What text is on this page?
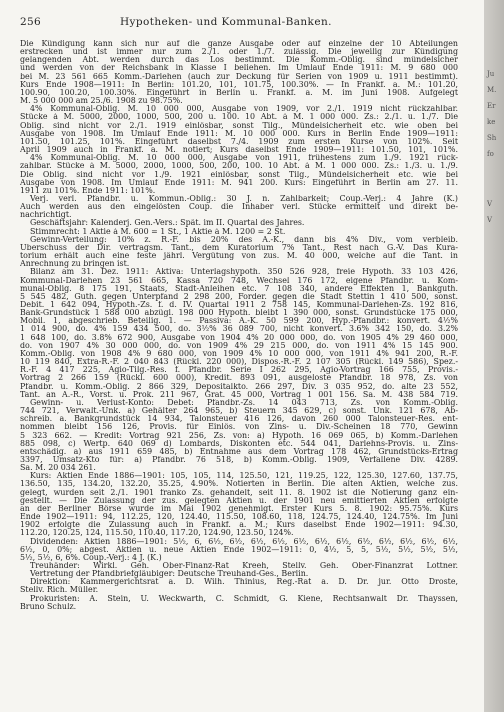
256	Hypotheken- und Kommunal-Banken.
Die Kündigung kann sich nur auf die ganze Ausgabe oder auf einzelne der 10 Abteilungen
erstrecken und ist immer nur zum 2./1. oder 1./7. zulässig. Die jeweilig zur Kündigung
gelangenden Abt. werden durch das Los bestimmt. Die Komm.-Oblig. sind mündelsicher
und werden von der Reichsbank in Klasse I beliehen. Im Umlauf Ende 1911: M. 9 680 000
bei M. 23 561 665 Komm.-Darlehen (auch zur Deckung für Serien von 1909 u. 1911 bestimmt).
Kurs Ende 1908—1911: In Berlin: 101.20, 101, 101.75, 100.30%. — In Frankf. a. M.: 101.20,
100.90, 100.20, 100.30%. Eingeführt in Berlin u. Frankf. a. M. im Juni 1908. Aufgelegt
M. 5 000 000 am 25./6. 1908 zu 98.75%.
4% Kommunal-Oblig. M. 10 000 000, Ausgabe von 1909, vor 2./1. 1919 nicht rückzahlbar.
Stücke à M. 5000, 2000, 1000, 500, 200 u. 100. 10 Abt. à M. 1 000 000. Zs.: 2./1. u. 1./7. Die
Oblig. sind nicht vor 2./1. 1919 einlösbar, sonst Tilg., Mündelsicherheit etc. wie oben bei
Ausgabe von 1908. Im Umlauf Ende 1911: M. 10 000 000. Kurs in Berlin Ende 1909—1911:
101.50, 101.25, 101%. Eingeführt daselbst 7./4. 1909 zum ersten Kurse von 102%. Seit
April 1909 auch in Frankf. a. M. notiert; Kurs daselbst Ende 1909—1911: 101.50, 101, 101%.
4% Kommunal-Oblig. M. 10 000 000, Ausgabe von 1911, frühestens zum 1./9. 1921 rück-
zahlbar. Stücke à M. 5000, 2000, 1000, 500, 200, 100. 10 Abt. à M. 1 000 000. Zs.: 1./3. u. 1./9.
Die Oblig. sind nicht vor 1./9. 1921 einlösbar, sonst Tilg., Mündelsicherheit etc. wie bei
Ausgabe von 1908. Im Umlauf Ende 1911: M. 941 200. Kurs: Eingeführt in Berlin am 27. 11.
1911 zu 101%. Ende 1911: 101%.
Verj. verl. Pfandbr. u. Kommun.-Oblig.: 30 J. n. Zahlbarkeit; Coup.-Verj.: 4 Jahre (K.)
Auch werden aus den eingelösten Coup. die Inhaber verl. Stücke ermittelt und direkt be-
nachrichtigt.
Geschäftsjahr: Kalenderj. Gen.-Vers.: Spät. im II. Quartal des Jahres.
Stimmrecht: 1 Aktie à M. 600 = 1 St., 1 Aktie à M. 1200 = 2 St.
Gewinn-Verteilung: 10% z. R.-F. bis 20% des A.-K., dann bis 4% Div., vom verbleib.
Überschuss der Dir. vertragsm. Tant., dem Kuratorium 7% Tant., Rest nach G.-V. Das Kura-
torium erhält auch eine feste jährl. Vergütung von zus. M. 40 000, welche auf die Tant. in
Anrechnung zu bringen ist.
Bilanz am 31. Dez. 1911: Aktiva: Unterlagshypoth. 350 526 928, freie Hypoth. 33 103 426,
Kommunal-Darlehen 23 561 665, Kassa 720 748, Wechsel 176 172, eigene Pfandbr. u. Kom-
munal-Oblig. 8 175 191, Staats, Stadt-Anleihen etc. 7 108 340, andere Effekten 1, Bankguth.
5 545 482, Guth. gegen Unterpfand 2 298 200, Forder. gegen die Stadt Stettin 1 410 500, sonst.
Debit. 1 642 094, Hypoth.-Zs. f. d. IV. Quartal 1911 2 758 145, Kommunal-Darlehen-Zs. 192 816,
Bank-Grundstück 1 588 000 abzügl. 198 000 Hypoth. bleibt 1 390 000, sonst. Grundstücke 175 000,
Mobil. 1, abgeschrieb. Beteilig. 1. — Passiva: A.-K. 50 599 200, Hyp.-Pfandbr.: konvert. 4½%
1 014 900, do. 4% 159 434 500, do. 3½% 36 089 700, nicht konvert. 3.6% 342 150, do. 3.2%
1 648 100, do. 3.8% 672 900, Ausgabe von 1904 4% 20 000 000, do. von 1905 4% 29 460 000,
do. von 1907 4% 30 000 000, do. von 1909 4% 29 215 000, do. von 1911 4% 15 145 900.
Komm.-Oblig. von 1908 4% 9 680 000, von 1909 4% 10 000 000, von 1911 4% 941 200, R.-F.
10 119 840, Extra-R.-F. 2 040 843 (Rückl. 220 000), Dispos.-R.-F. 2 107 305 (Rückl. 149 586), Spez.-
R.-F. 4 417 225, Agio-Tilg.-Res. f. Pfandbr. Serie I 262 295, Agio-Vortrag 166 755, Provis.-
Vortrag 2 266 159 (Rückl. 600 000), Kredit. 893 091, ausgeloste Pfandbr. 18 978, Zs. von
Pfandbr. u. Komm.-Oblig. 2 866 329, Depositalkto. 266 297, Div. 3 035 952, do. alte 23 552,
Tant. an A.-R., Vorst. u. Prok. 211 967, Grat. 45 000, Vortrag 1 001 156. Sa. M. 438 584 719.
Gewinn- u. Verlust-Konto: Debet: Pfandbr.-Zs. 14 043 713, Zs. von Komm.-Oblig.
744 721, Verwalt.-Unk. a) Gehälter 264 965, b) Steuern 345 629, c) sonst. Unk. 121 678, Ab-
schreib. a. Bankgrundstück 14 934, Talonsteuer 416 126, davon 260 000 Talonsteuer-Res. ent-
nommen bleibt 156 126, Provis. für Einlös. von Zins- u. Div.-Scheinen 18 770, Gewinn
5 323 662. — Kredit: Vortrag 921 256, Zs. von: a) Hypoth. 16 069 065, b) Komm.-Darlehen
885 098, c) Wertp. 640 069 d) Lombards, Diskonten etc. 544 041, Darlehns-Provis. u. Zins-
entschädig. a) aus 1911 659 485, b) Entnahme aus dem Vortrag 178 462, Grundstücks-Ertrag
3397, Umsatz-Kto für: a) Pfandbr. 76 518, b) Komm.-Oblig. 1909, Verfallene Div. 4289.
Sa. M. 20 034 261.
Kurs: Aktien Ende 1886—1901: 105, 105, 114, 125.50, 121, 119.25, 122, 125.30, 127.60, 137.75,
136.50, 135, 134.20, 132.20, 35.25, 4.90%. Notierten in Berlin. Die alten Aktien, welche zus.
gelegt, wurden seit 2./1. 1901 franko Zs. gehandelt, seit 11. 8. 1902 ist die Notierung ganz ein-
gestellt. — Die Zulassung der zus. gelegten Aktien u. der 1901 neu emittierten Aktien erfolgte
an der Berliner Börse wurde im Mai 1902 genehmigt. Erster Kurs 5. 8. 1902: 95.75%. Kurs
Ende 1902—1911: 94, 112.25, 120, 124.40, 115.50, 108.60, 118, 124.75, 124.40, 124.75%. Im Juni
1902 erfolgte die Zulassung auch in Frankf. a. M.; Kurs daselbst Ende 1902—1911: 94.30,
112.20, 120.25, 124, 115.50, 110.40, 117.20, 124.90, 123.50, 124%.
Dividenden: Aktien 1886—1901: 5½, 6, 6½, 6½, 6½, 6½, 6½, 6½, 6½, 6½, 6½, 6½, 6½, 6½,
6½, 0, 0%; abgest. Aktien u. neue Aktien Ende 1902—1911: 0, 4½, 5, 5, 5½, 5½, 5½, 5½,
5½, 5½, 6, 6%. Coup.-Verj.: 4 J. (K.)
Treuhänder: Wirkl. Geh. Ober-Finanz-Rat Kreeh, Stellv. Geh. Ober-Finanzrat Lottner.
Vertretung der Pfandbriefgläubiger: Deutsche Treuhand-Ges., Berlin.
Direktion: Kammergerichtsrat a. D. Wilh. Thinius, Reg.-Rat a. D. Dr. jur. Otto Droste,
Stellv. Rich. Müller.
Prokuristen: A. Stein, U. Weckwarth, C. Schmidt, G. Kiene, Rechtsanwalt Dr. Thayssen,
Bruno Schulz.
Ju
M.
Er
ke
Sh
fo
V
V
